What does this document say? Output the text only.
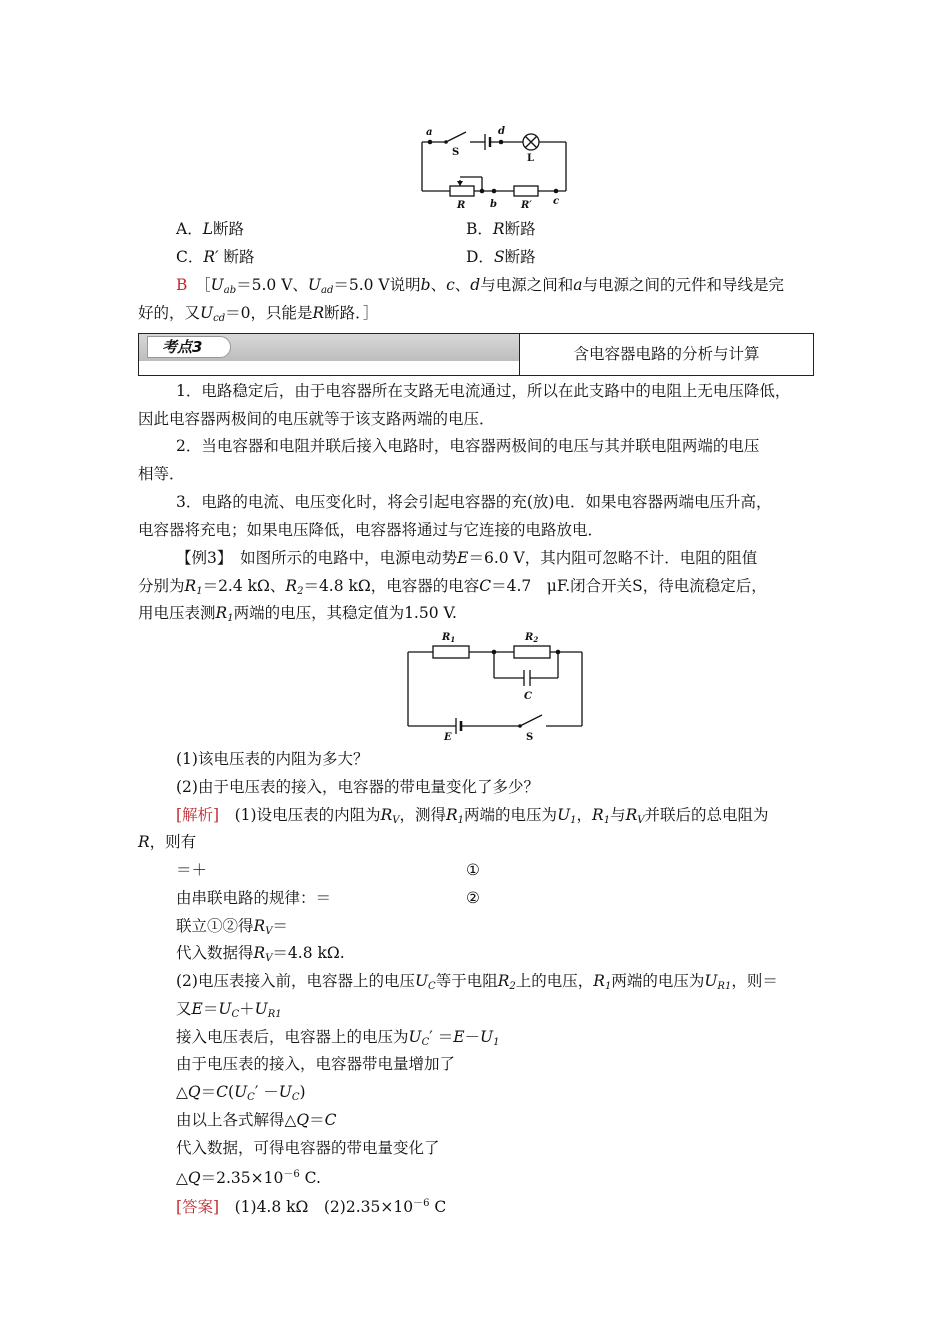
a
S
d
L
R b R′ c
A．L断路	B．R断路
C．R′ 断路	D．S断路
B　 $[U_{ab}=5.0$ V、$U_{ad}=5.0$ V说明b、c、d与电源之间和a与电源之间的元件和导线是完
好的，又$U_{cd}=0$，只能是R断路．］
考点3	含电容器电路的分析与计算
1．电路稳定后，由于电容器所在支路无电流通过，所以在此支路中的电阻上无电压降低，
因此电容器两极间的电压就等于该支路两端的电压．
2．当电容器和电阻并联后接入电路时，电容器两极间的电压与其并联电阻两端的电压
相等．
3．电路的电流、电压变化时，将会引起电容器的充(放)电．如果电容器两端电压升高，
电容器将充电；如果电压降低，电容器将通过与它连接的电路放电．
【例3】　如图所示的电路中，电源电动势E＝6.0 V，其内阻可忽略不计．电阻的阻值
分别为$R_1=2.4$ kΩ、$R_2=4.8$ kΩ，电容器的电容C＝4.7　μF.闭合开关S，待电流稳定后，
用电压表测$R_1$两端的电压，其稳定值为1.50 V.
$R_1$	$R_2$
C
E	S
(1)该电压表的内阻为多大？
(2)由于电压表的接入，电容器的带电量变化了多少？
[解析]　(1)设电压表的内阻为$R_V$，测得$R_1$两端的电压为$U_1$，$R_1$与$R_V$并联后的总电阻为
R，则有
＝＋	①
由串联电路的规律：＝	②
联立①②得$R_V=$
代入数据得$R_V=4.8$ kΩ.
(2)电压表接入前，电容器上的电压$U_C$等于电阻$R_2$上的电压，$R_1$两端的电压为$U_{R1}$，则＝
又$E=U_C+U_{R1}$
接入电压表后，电容器上的电压为$U_C' =E-U_1$
由于电压表的接入，电容器带电量增加了
$\triangle Q=C(U_C' -U_C)$
由以上各式解得△Q＝C
代入数据，可得电容器的带电量变化了
$\triangle Q=2.35\times 10^{-6}$ C.
[答案]　(1)4.8 kΩ　$(2)2.35\times 10^{-6}$ C
